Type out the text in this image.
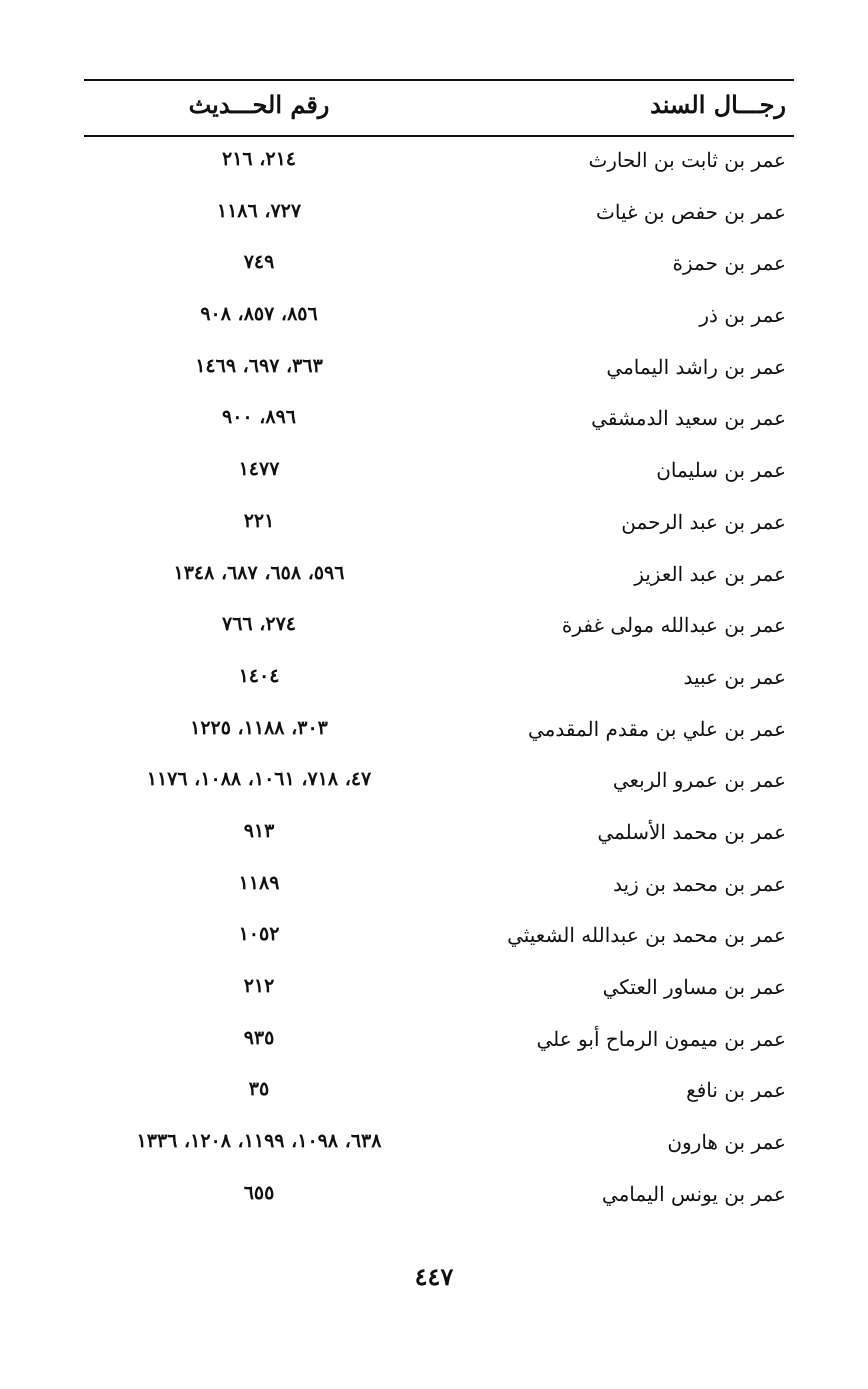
رجـــال السند
رقم الحـــديث
عمر بن ثابت بن الحارث
٢١٤، ٢١٦
عمر بن حفص بن غياث
٧٢٧، ١١٨٦
عمر بن حمزة
٧٤٩
عمر بن ذر
٨٥٦، ٨٥٧، ٩٠٨
عمر بن راشد اليمامي
٣٦٣، ٦٩٧، ١٤٦٩
عمر بن سعيد الدمشقي
٨٩٦، ٩٠٠
عمر بن سليمان
١٤٧٧
عمر بن عبد الرحمن
٢٢١
عمر بن عبد العزيز
٥٩٦، ٦٥٨، ٦٨٧، ١٣٤٨
عمر بن عبدالله مولى غفرة
٢٧٤، ٧٦٦
عمر بن عبيد
١٤٠٤
عمر بن علي بن مقدم المقدمي
٣٠٣، ١١٨٨، ١٢٢٥
عمر بن عمرو الربعي
٤٧، ٧١٨، ١٠٦١، ١٠٨٨، ١١٧٦
عمر بن محمد الأسلمي
٩١٣
عمر بن محمد بن زيد
١١٨٩
عمر بن محمد بن عبدالله الشعيثي
١٠٥٢
عمر بن مساور العتكي
٢١٢
عمر بن ميمون الرماح أبو علي
٩٣٥
عمر بن نافع
٣٥
عمر بن هارون
٦٣٨، ١٠٩٨، ١١٩٩، ١٢٠٨، ١٣٣٦
عمر بن يونس اليمامي
٦٥٥
٤٤٧
